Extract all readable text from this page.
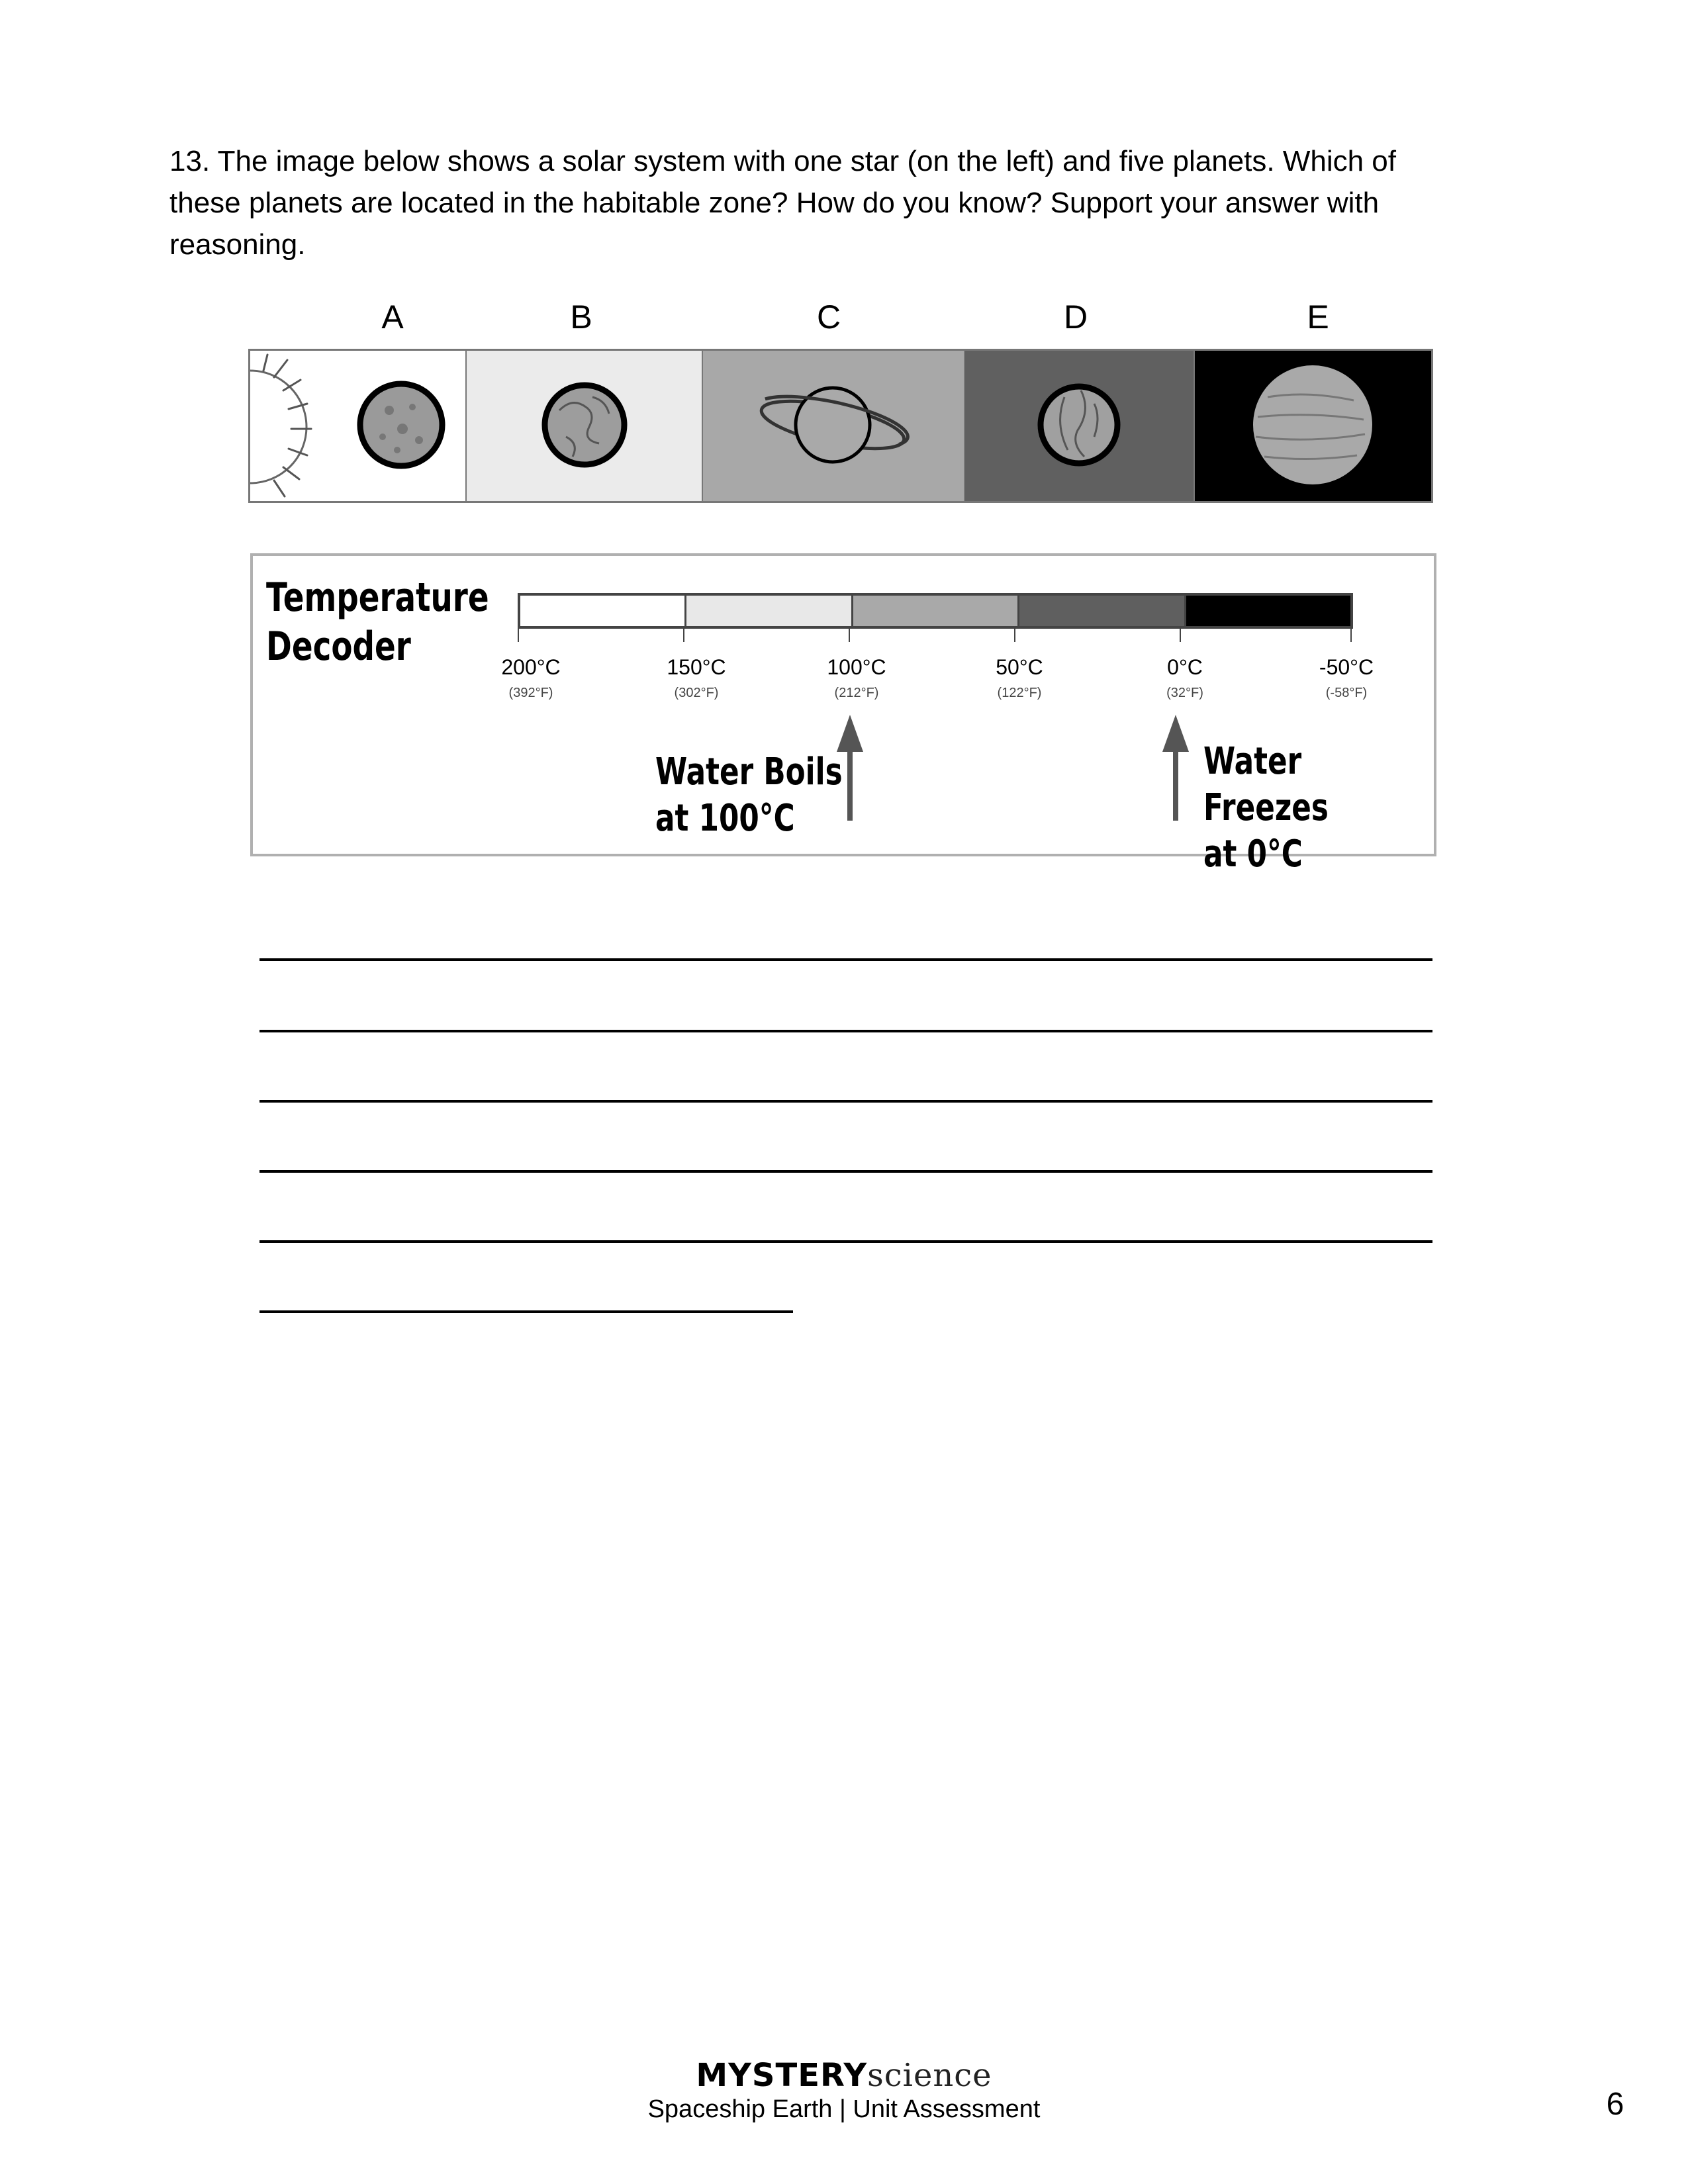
13. The image below shows a solar system with one star (on the left) and five planets. Which of these planets are located in the habitable zone? How do you know? Support your answer with reasoning.
A	B	C	D	E
Temperature
Decoder	200°C
(392°F)
150°C
(302°F)
100°C
(212°F)
50°C
(122°F)
0°C
(32°F)
-50°C
(-58°F)
Water Boils
at 100°C
Water Freezes
at 0°C
MYSTERYscience
Spaceship Earth | Unit Assessment	6
